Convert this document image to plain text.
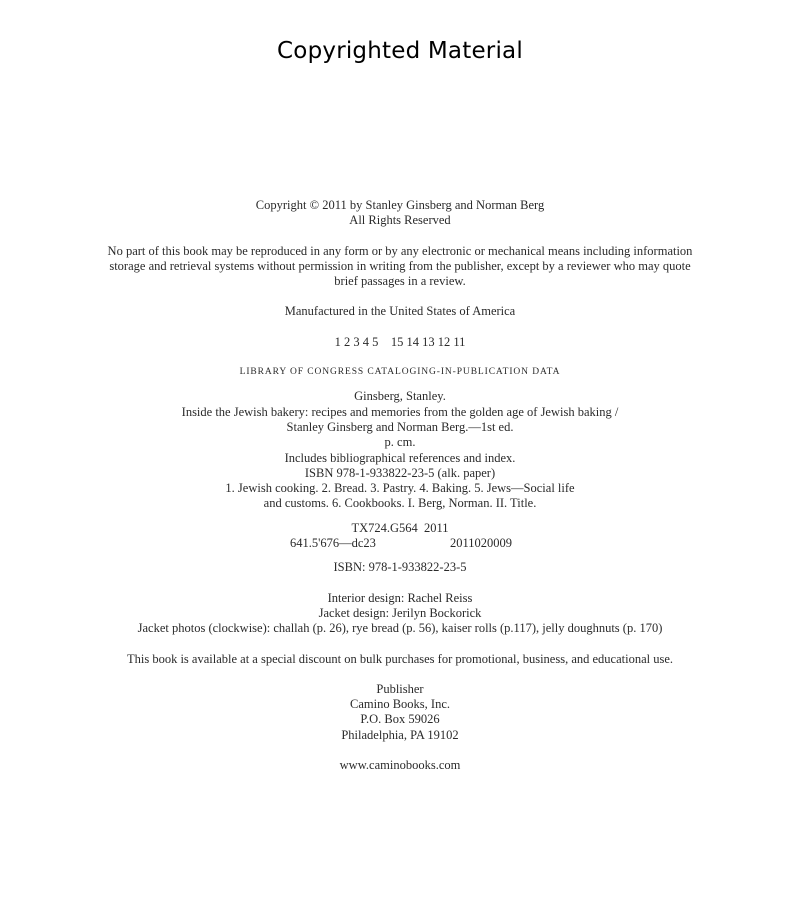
Copyrighted Material
Copyright © 2011 by Stanley Ginsberg and Norman Berg
All Rights Reserved
No part of this book may be reproduced in any form or by any electronic or mechanical means including information
storage and retrieval systems without permission in writing from the publisher, except by a reviewer who may quote
brief passages in a review.
Manufactured in the United States of America
1 2 3 4 5    15 14 13 12 11
LIBRARY OF CONGRESS CATALOGING-IN-PUBLICATION DATA
Ginsberg, Stanley.
Inside the Jewish bakery: recipes and memories from the golden age of Jewish baking /
Stanley Ginsberg and Norman Berg.—1st ed.
p. cm.
Includes bibliographical references and index.
ISBN 978-1-933822-23-5 (alk. paper)
1. Jewish cooking. 2. Bread. 3. Pastry. 4. Baking. 5. Jews—Social life
and customs. 6. Cookbooks. I. Berg, Norman. II. Title.
TX724.G564  2011
641.5'676—dc23	2011020009
ISBN: 978-1-933822-23-5
Interior design: Rachel Reiss
Jacket design: Jerilyn Bockorick
Jacket photos (clockwise): challah (p. 26), rye bread (p. 56), kaiser rolls (p.117), jelly doughnuts (p. 170)
This book is available at a special discount on bulk purchases for promotional, business, and educational use.
Publisher
Camino Books, Inc.
P.O. Box 59026
Philadelphia, PA 19102
www.caminobooks.com
